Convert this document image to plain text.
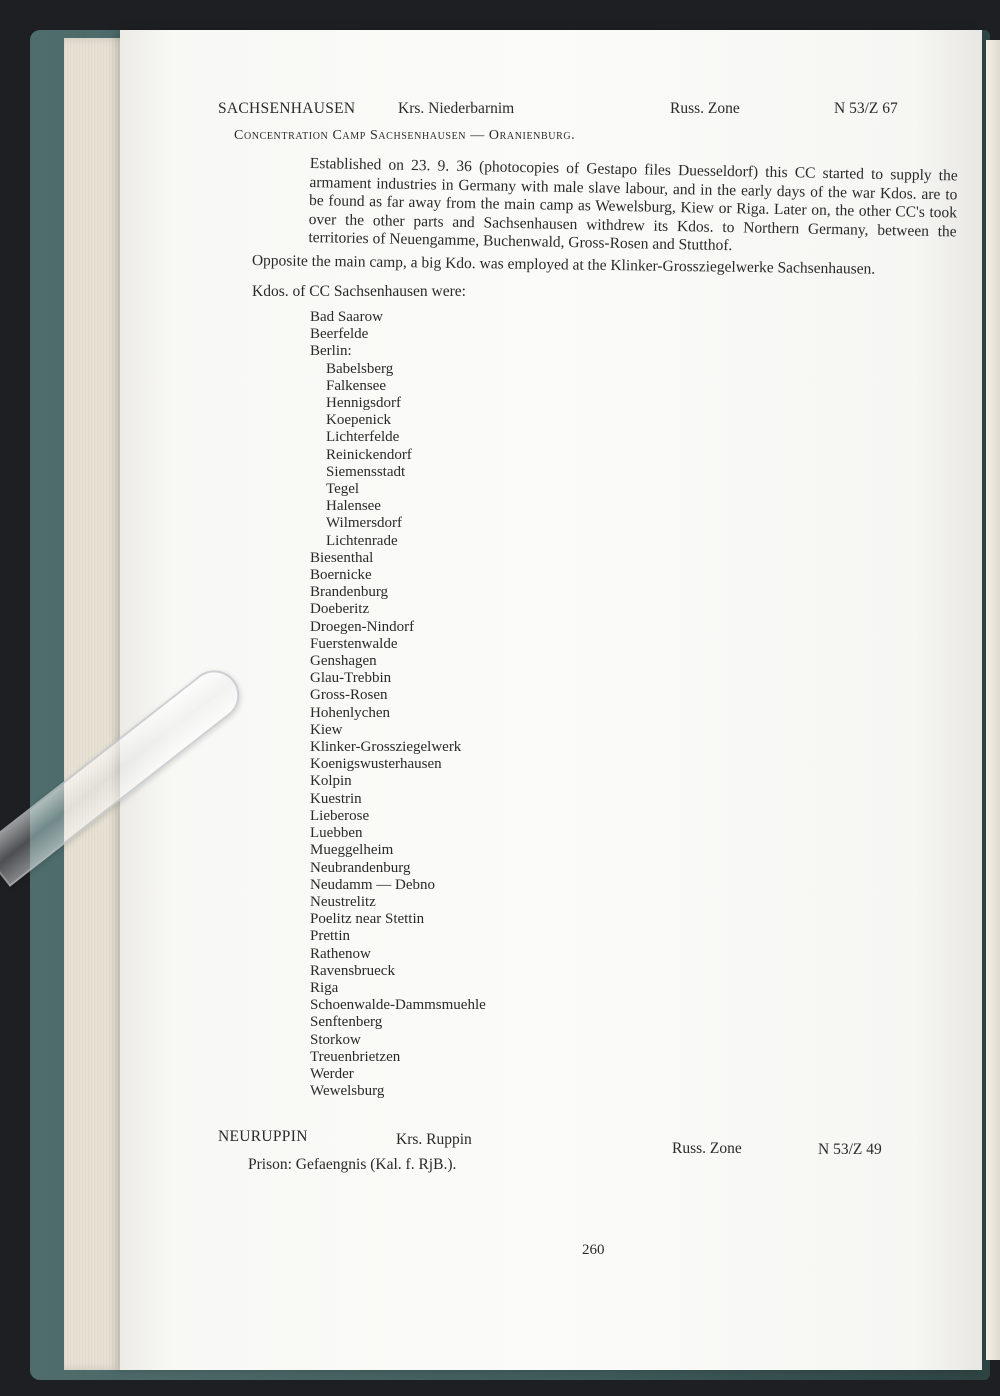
SACHSENHAUSEN	Krs. Niederbarnim	Russ. Zone	N 53/Z 67
Concentration Camp Sachsenhausen — Oranienburg.
Established on 23. 9. 36 (photocopies of Gestapo files Duesseldorf) this CC started to supply the armament industries in Germany with male slave labour, and in the early days of the war Kdos. are to be found as far away from the main camp as Wewelsburg, Kiew or Riga. Later on, the other CC's took over the other parts and Sachsenhausen withdrew its Kdos. to Northern Germany, between the territories of Neuengamme, Buchenwald, Gross-Rosen and Stutthof.
Opposite the main camp, a big Kdo. was employed at the Klinker-Grossziegelwerke Sachsenhausen.
Kdos. of CC Sachsenhausen were:
Bad Saarow
Beerfelde
Berlin:
Babelsberg
Falkensee
Hennigsdorf
Koepenick
Lichterfelde
Reinickendorf
Siemensstadt
Tegel
Halensee
Wilmersdorf
Lichtenrade
Biesenthal
Boernicke
Brandenburg
Doeberitz
Droegen-Nindorf
Fuerstenwalde
Genshagen
Glau-Trebbin
Gross-Rosen
Hohenlychen
Kiew
Klinker-Grossziegelwerk
Koenigswusterhausen
Kolpin
Kuestrin
Lieberose
Luebben
Mueggelheim
Neubrandenburg
Neudamm — Debno
Neustrelitz
Poelitz near Stettin
Prettin
Rathenow
Ravensbrueck
Riga
Schoenwalde-Dammsmuehle
Senftenberg
Storkow
Treuenbrietzen
Werder
Wewelsburg
NEURUPPIN	Krs. Ruppin
Russ. Zone	N 53/Z 49
Prison: Gefaengnis (Kal. f. RjB.).
260
